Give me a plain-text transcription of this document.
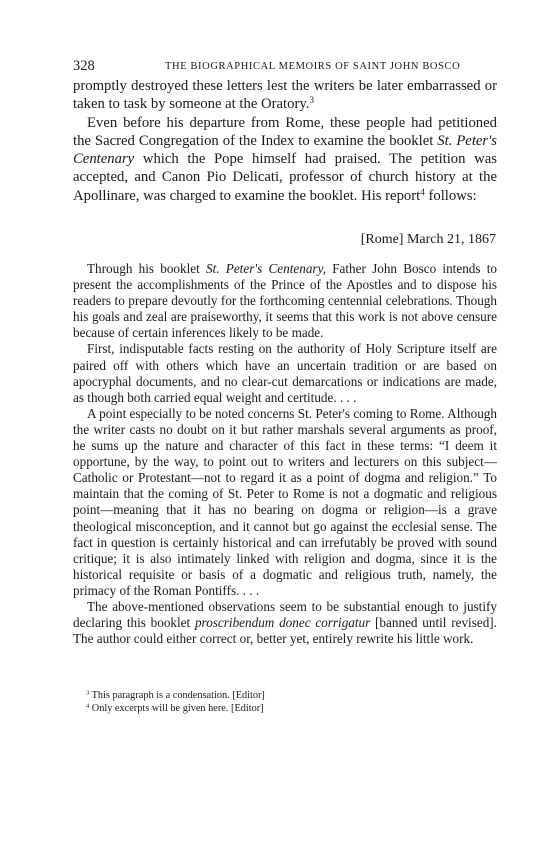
328	THE BIOGRAPHICAL MEMOIRS OF SAINT JOHN BOSCO

promptly destroyed these letters lest the writers be later embarrassed or taken to task by someone at the Oratory.$^3$

Even before his departure from Rome, these people had petitioned the Sacred Congregation of the Index to examine the booklet St. Peter's Centenary which the Pope himself had praised. The petition was accepted, and Canon Pio Delicati, professor of church history at the Apollinare, was charged to examine the booklet. His report$^4$ follows:

[Rome] March 21, 1867

Through his booklet St. Peter's Centenary, Father John Bosco intends to present the accomplishments of the Prince of the Apostles and to dispose his readers to prepare devoutly for the forthcoming centennial celebrations. Though his goals and zeal are praiseworthy, it seems that this work is not above censure because of certain inferences likely to be made.

First, indisputable facts resting on the authority of Holy Scripture itself are paired off with others which have an uncertain tradition or are based on apocryphal documents, and no clear-cut demarcations or indications are made, as though both carried equal weight and certitude. . . .

A point especially to be noted concerns St. Peter's coming to Rome. Although the writer casts no doubt on it but rather marshals several arguments as proof, he sums up the nature and character of this fact in these terms: “I deem it opportune, by the way, to point out to writers and lecturers on this subject—Catholic or Protestant—not to regard it as a point of dogma and religion.” To maintain that the coming of St. Peter to Rome is not a dogmatic and religious point—meaning that it has no bearing on dogma or religion—is a grave theological misconception, and it cannot but go against the ecclesial sense. The fact in question is certainly historical and can irrefutably be proved with sound critique; it is also intimately linked with religion and dogma, since it is the historical requisite or basis of a dogmatic and religious truth, namely, the primacy of the Roman Pontiffs. . . .

The above-mentioned observations seem to be substantial enough to justify declaring this booklet proscribendum donec corrigatur [banned until revised]. The author could either correct or, better yet, entirely rewrite his little work.

$^3$ This paragraph is a condensation. [Editor]
$^4$ Only excerpts will be given here. [Editor]
